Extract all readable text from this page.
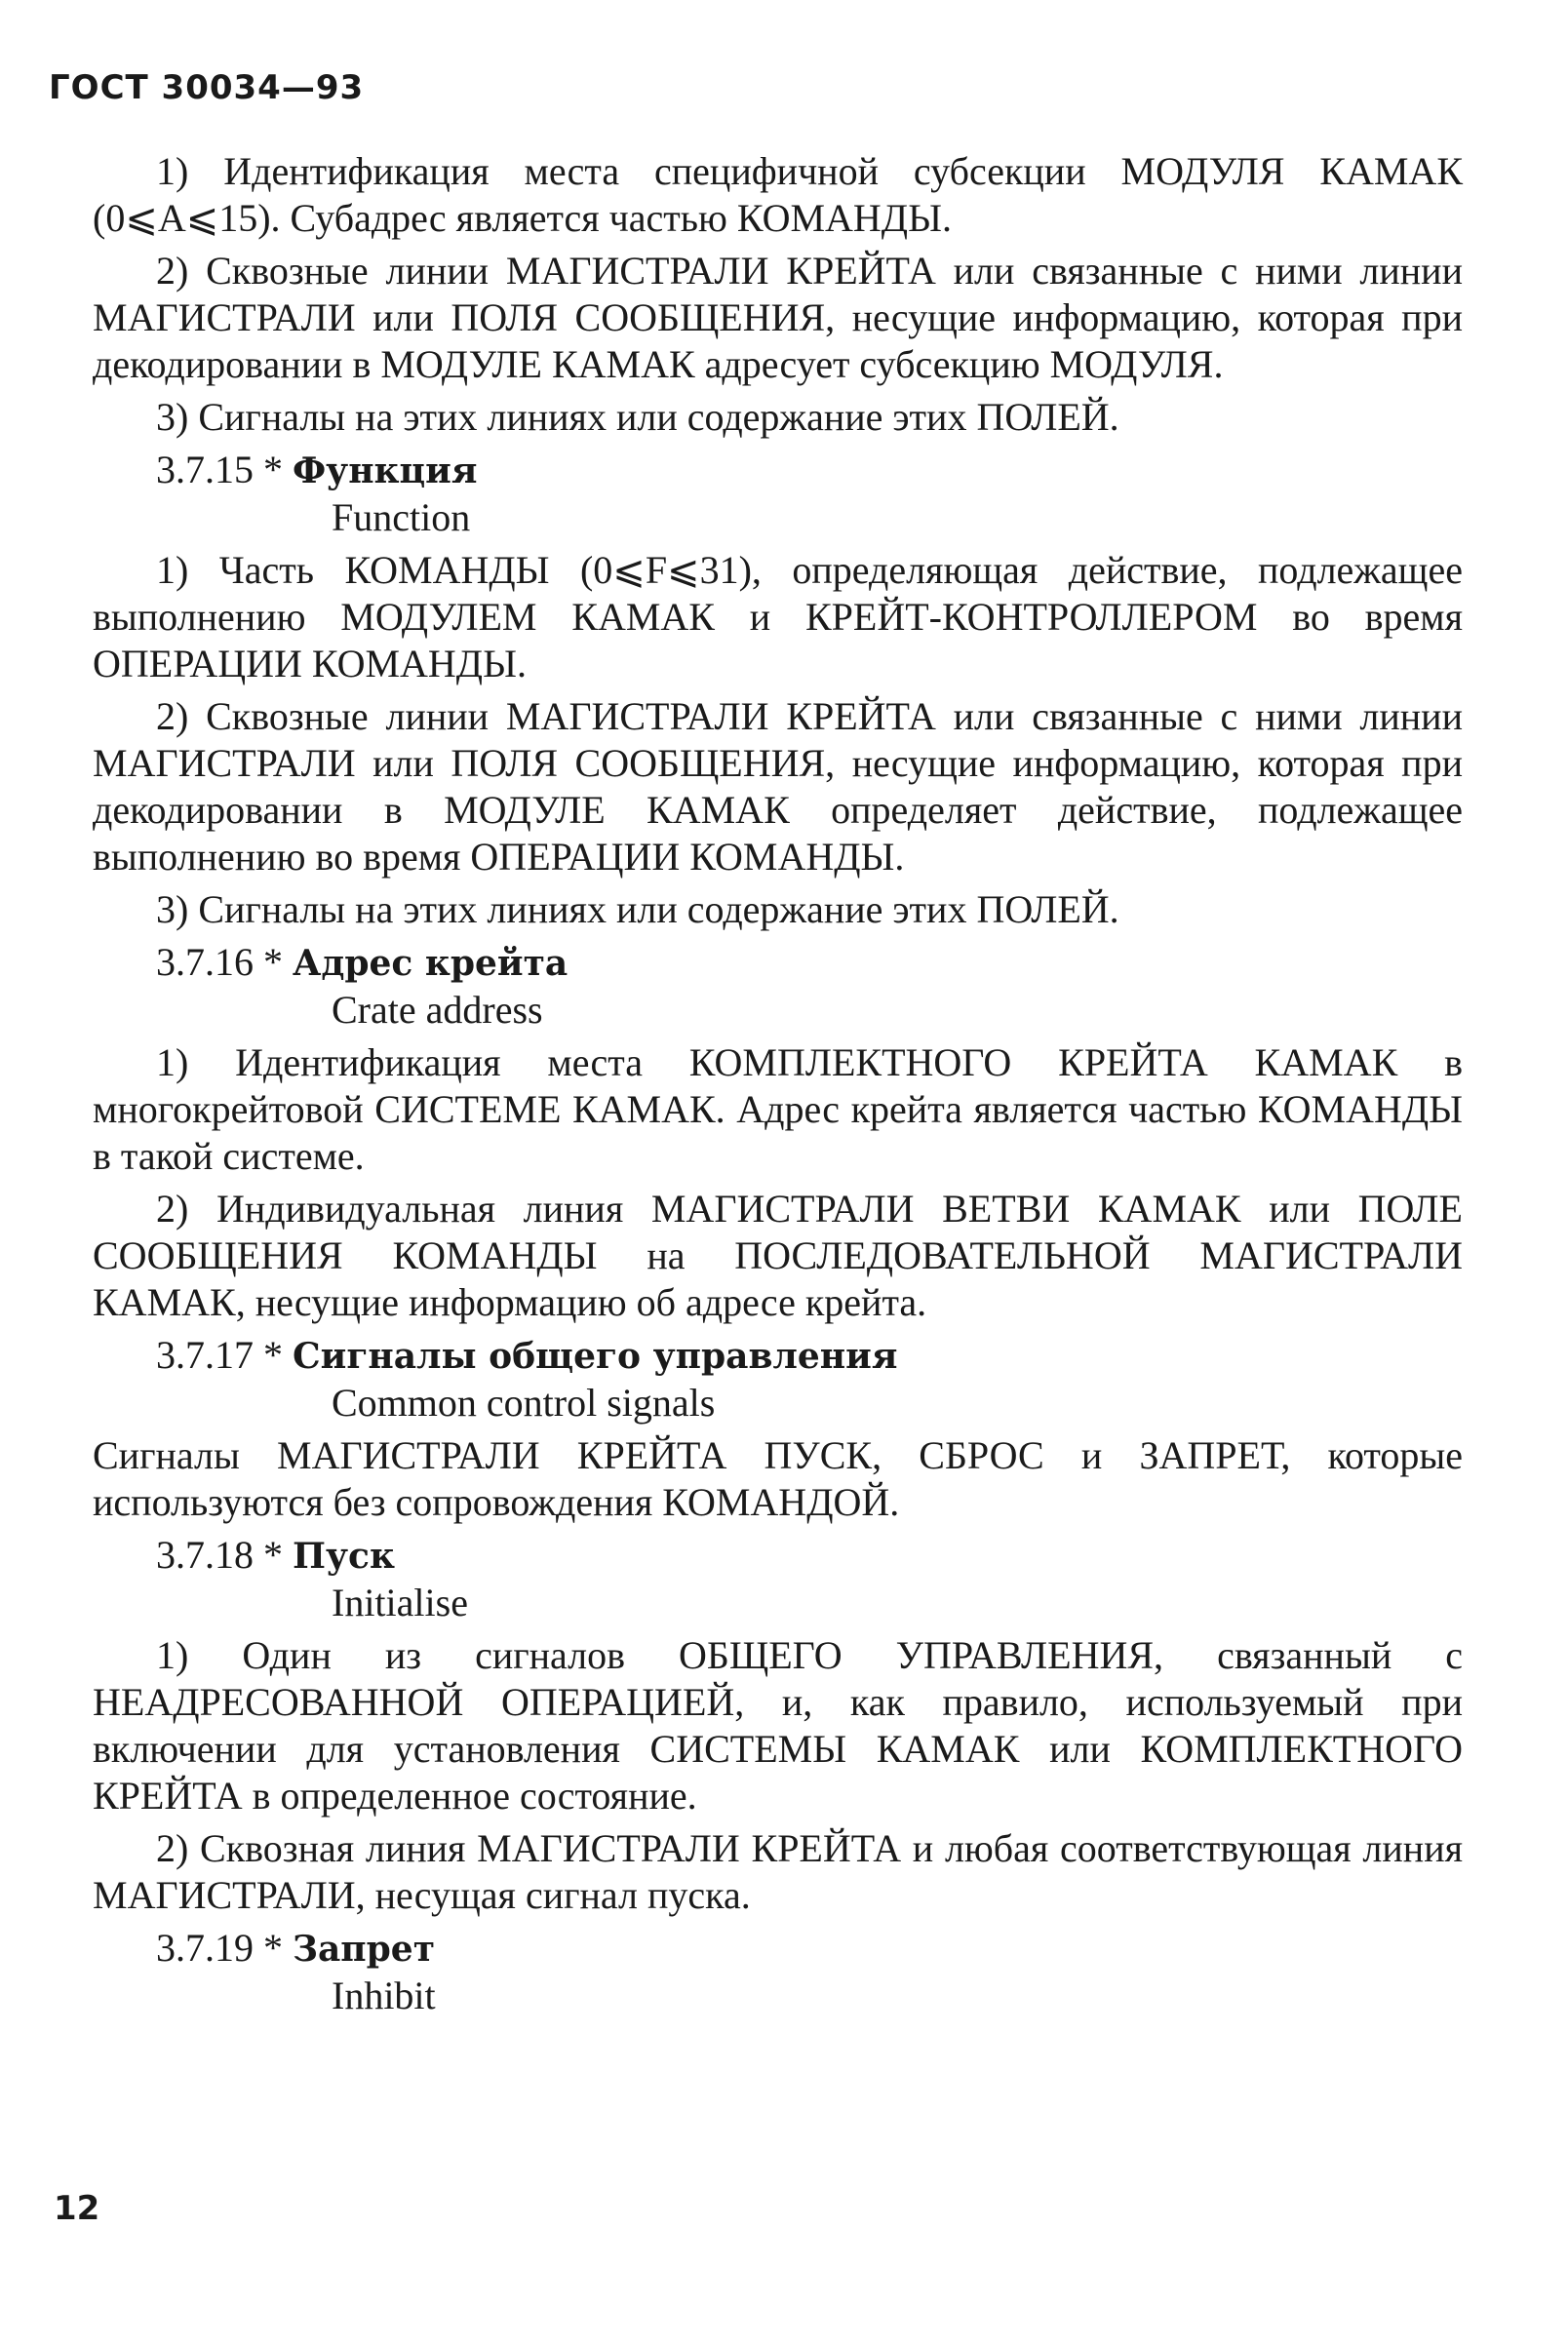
ГОСТ 30034—93

1) Идентификация места специфичной субсекции МОДУЛЯ КАМАК (0⩽A⩽15). Субадрес является частью КОМАНДЫ.

2) Сквозные линии МАГИСТРАЛИ КРЕЙТА или связанные с ними линии МАГИСТРАЛИ или ПОЛЯ СООБЩЕНИЯ, несущие информацию, которая при декодировании в МОДУЛЕ КАМАК адресует субсекцию МОДУЛЯ.

3) Сигналы на этих линиях или содержание этих ПОЛЕЙ.

3.7.15 * Функция
Function

1) Часть КОМАНДЫ (0⩽F⩽31), определяющая действие, подлежащее выполнению МОДУЛЕМ КАМАК и КРЕЙТ-КОНТРОЛЛЕРОМ во время ОПЕРАЦИИ КОМАНДЫ.

2) Сквозные линии МАГИСТРАЛИ КРЕЙТА или связанные с ними линии МАГИСТРАЛИ или ПОЛЯ СООБЩЕНИЯ, несущие информацию, которая при декодировании в МОДУЛЕ КАМАК определяет действие, подлежащее выполнению во время ОПЕРАЦИИ КОМАНДЫ.

3) Сигналы на этих линиях или содержание этих ПОЛЕЙ.

3.7.16 * Адрес крейта
Crate address

1) Идентификация места КОМПЛЕКТНОГО КРЕЙТА КАМАК в многокрейтовой СИСТЕМЕ КАМАК. Адрес крейта является частью КОМАНДЫ в такой системе.

2) Индивидуальная линия МАГИСТРАЛИ ВЕТВИ КАМАК или ПОЛЕ СООБЩЕНИЯ КОМАНДЫ на ПОСЛЕДОВАТЕЛЬНОЙ МАГИСТРАЛИ КАМАК, несущие информацию об адресе крейта.

3.7.17 * Сигналы общего управления
Common control signals

Сигналы МАГИСТРАЛИ КРЕЙТА ПУСК, СБРОС и ЗАПРЕТ, которые используются без сопровождения КОМАНДОЙ.

3.7.18 * Пуск
Initialise

1) Один из сигналов ОБЩЕГО УПРАВЛЕНИЯ, связанный с НЕАДРЕСОВАННОЙ ОПЕРАЦИЕЙ, и, как правило, используемый при включении для установления СИСТЕМЫ КАМАК или КОМПЛЕКТНОГО КРЕЙТА в определенное состояние.

2) Сквозная линия МАГИСТРАЛИ КРЕЙТА и любая соответствующая линия МАГИСТРАЛИ, несущая сигнал пуска.

3.7.19 * Запрет
Inhibit
12
